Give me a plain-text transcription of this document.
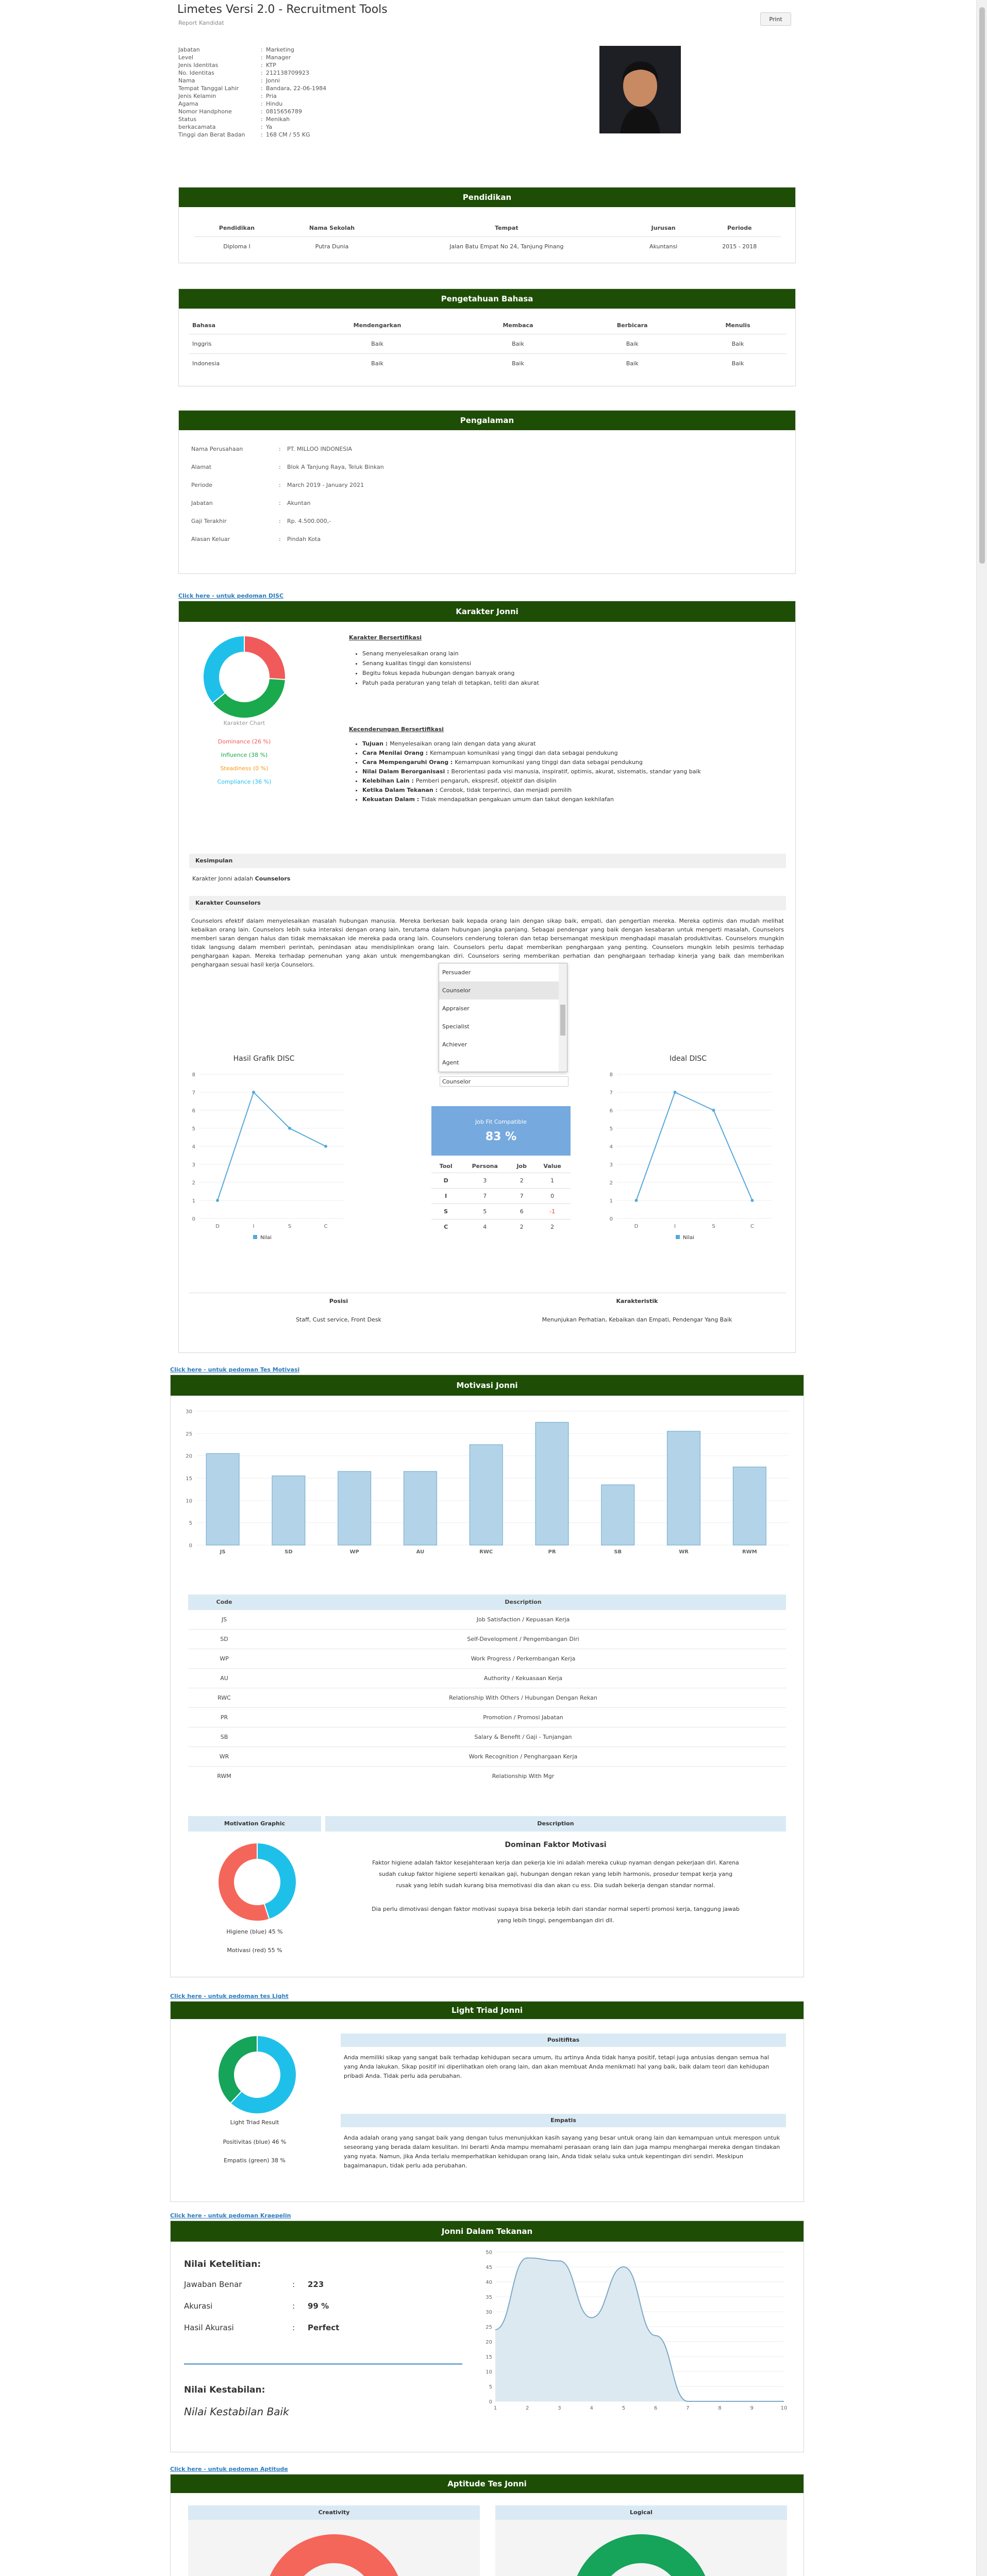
Limetes Versi 2.0 - Recruitment Tools
Report Kandidat
Print
Jabatan	: Marketing
Level	: Manager
Jenis Identitas	: KTP
No. Identitas	: 212138709923
Nama	: Jonni
Tempat Tanggal Lahir	: Bandara, 22-06-1984
Jenis Kelamin	: Pria
Agama	: Hindu
Nomor Handphone	: 0815656789
Status	: Menikah
berkacamata	: Ya
Tinggi dan Berat Badan	: 168 CM / 55 KG
Pendidikan
Pendidikan	Nama Sekolah	Tempat	Jurusan	Periode
Diploma I	Putra Dunia	Jalan Batu Empat No 24, Tanjung Pinang	Akuntansi	2015 - 2018
Pengetahuan Bahasa
Bahasa	Mendengarkan	Membaca	Berbicara	Menulis
Inggris	Baik	Baik	Baik	Baik
Indonesia	Baik	Baik	Baik	Baik
Pengalaman
Nama Perusahaan	: PT. MILLOO INDONESIA
Alamat	: Blok A Tanjung Raya, Teluk Binkan
Periode	: March 2019 - January 2021
Jabatan	: Akuntan
Gaji Terakhir	: Rp. 4.500.000,-
Alasan Keluar	: Pindah Kota
Click here - untuk pedoman DISC
Karakter Jonni
Karakter Chart
Dominance (26 %)
Influence (38 %)
Steadiness (0 %)
Compliance (36 %)
Karakter Bersertifikasi
• Senang menyelesaikan orang lain
• Senang kualitas tinggi dan konsistensi
• Begitu fokus kepada hubungan dengan banyak orang
• Patuh pada peraturan yang telah di tetapkan, teliti dan akurat
Kecenderungan Bersertifikasi
• Tujuan : Menyelesaikan orang lain dengan data yang akurat
• Cara Menilai Orang : Kemampuan komunikasi yang tinggi dan data sebagai pendukung
• Cara Mempengaruhi Orang : Kemampuan komunikasi yang tinggi dan data sebagai pendukung
• Nilai Dalam Berorganisasi : Berorientasi pada visi manusia, inspiratif, optimis, akurat, sistematis, standar yang baik
• Kelebihan Lain : Pemberi pengaruh, ekspresif, objektif dan disiplin
• Ketika Dalam Tekanan : Cerobok, tidak terperinci, dan menjadi pemilih
• Kekuatan Dalam : Tidak mendapatkan pengakuan umum dan takut dengan kekhilafan
Kesimpulan
Karakter Jonni adalah Counselors
Karakter Counselors
Counselors efektif dalam menyelesaikan masalah hubungan manusia. Mereka berkesan baik kepada orang lain dengan sikap baik, empati, dan pengertian mereka. Mereka optimis dan mudah melihat kebaikan orang lain. Counselors lebih suka interaksi dengan orang lain, terutama dalam hubungan jangka panjang. Sebagai pendengar yang baik dengan kesabaran untuk mengerti masalah, Counselors memberi saran dengan halus dan tidak memaksakan ide mereka pada orang lain. Counselors cenderung toleran dan tetap bersemangat meskipun menghadapi masalah produktivitas. Counselors mungkin tidak langsung dalam memberi perintah, penindasan atau mendisiplinkan orang lain. Counselors perlu dapat memberikan penghargaan yang penting. Counselors mungkin lebih pesimis terhadap penghargaan kapan. Mereka terhadap pemenuhan yang akan untuk mengembangkan diri. Counselors sering memberikan perhatian dan penghargaan terhadap kinerja yang baik dan memberikan penghargaan sesuai hasil kerja Counselors.
Persuader
Counselor
Appraiser
Specialist
Achiever
Agent
Counselor
Hasil Grafik DISC
0
1
2
3
4
5
6
7
8
D	I	S	C
Nilai
Ideal DISC
0
1
2
3
4
5
6
7
8
D	I	S	C
Nilai
Job Fit Compatible
83 %
Tool	Persona	Job	Value
D	3	2	1
I	7	7	0
S	5	6	-1
C	4	2	2
Posisi	Karakteristik
Staff, Cust service, Front Desk	Menunjukan Perhatian, Kebaikan dan Empati, Pendengar Yang Baik
Click here - untuk pedoman Tes Motivasi
Motivasi Jonni
0
5
10
15
20
25
30
JS	SD	WP	AU	RWC	PR	SB	WR	RWM
Code	Description
JS	Job Satisfaction / Kepuasan Kerja
SD	Self-Development / Pengembangan Diri
WP	Work Progress / Perkembangan Kerja
AU	Authority / Kekuasaan Kerja
RWC	Relationship With Others / Hubungan Dengan Rekan
PR	Promotion / Promosi Jabatan
SB	Salary & Benefit / Gaji - Tunjangan
WR	Work Recognition / Penghargaan Kerja
RWM	Relationship With Mgr
Motivation Graphic	Description
Higiene (blue) 45 %
Motivasi (red) 55 %
Dominan Faktor Motivasi
Faktor higiene adalah faktor kesejahteraan kerja dan pekerja kie ini adalah mereka cukup nyaman dengan pekerjaan diri. Karena sudah cukup faktor higiene seperti kenaikan gaji, hubungan dengan rekan yang lebih harmonis, prosedur tempat kerja yang rusak yang lebih sudah kurang bisa memotivasi dia dan akan cu ess. Dia sudah bekerja dengan standar normal.
Dia perlu dimotivasi dengan faktor motivasi supaya bisa bekerja lebih dari standar normal seperti promosi kerja, tanggung jawab yang lebih tinggi, pengembangan diri dll.
Click here - untuk pedoman tes Light
Light Triad Jonni
Light Triad Result
Positivitas (blue) 46 %
Empatis (green) 38 %
Positifitas
Anda memiliki sikap yang sangat baik terhadap kehidupan secara umum, itu artinya Anda tidak hanya positif, tetapi juga antusias dengan semua hal yang Anda lakukan. Sikap positif ini diperlihatkan oleh orang lain, dan akan membuat Anda menikmati hal yang baik, baik dalam teori dan kehidupan pribadi Anda. Tidak perlu ada perubahan.
Empatis
Anda adalah orang yang sangat baik yang dengan tulus menunjukkan kasih sayang yang besar untuk orang lain dan kemampuan untuk merespon untuk seseorang yang berada dalam kesulitan. Ini berarti Anda mampu memahami perasaan orang lain dan juga mampu menghargai mereka dengan tindakan yang nyata. Namun, jika Anda terlalu memperhatikan kehidupan orang lain, Anda tidak selalu suka untuk kepentingan diri sendiri. Meskipun bagaimanapun, tidak perlu ada perubahan.
Click here - untuk pedoman Kraepelin
Jonni Dalam Tekanan
Nilai Ketelitian:
Jawaban Benar	: 223
Akurasi	: 99 %
Hasil Akurasi	: Perfect
Nilai Kestabilan:
Nilai Kestabilan Baik
0
5
10
15
20
25
30
35
40
45
50
1	2	3	4	5	6	7	8	9	10
Click here - untuk pedoman Aptitude
Aptitude Tes Jonni
Creativity	Logical
